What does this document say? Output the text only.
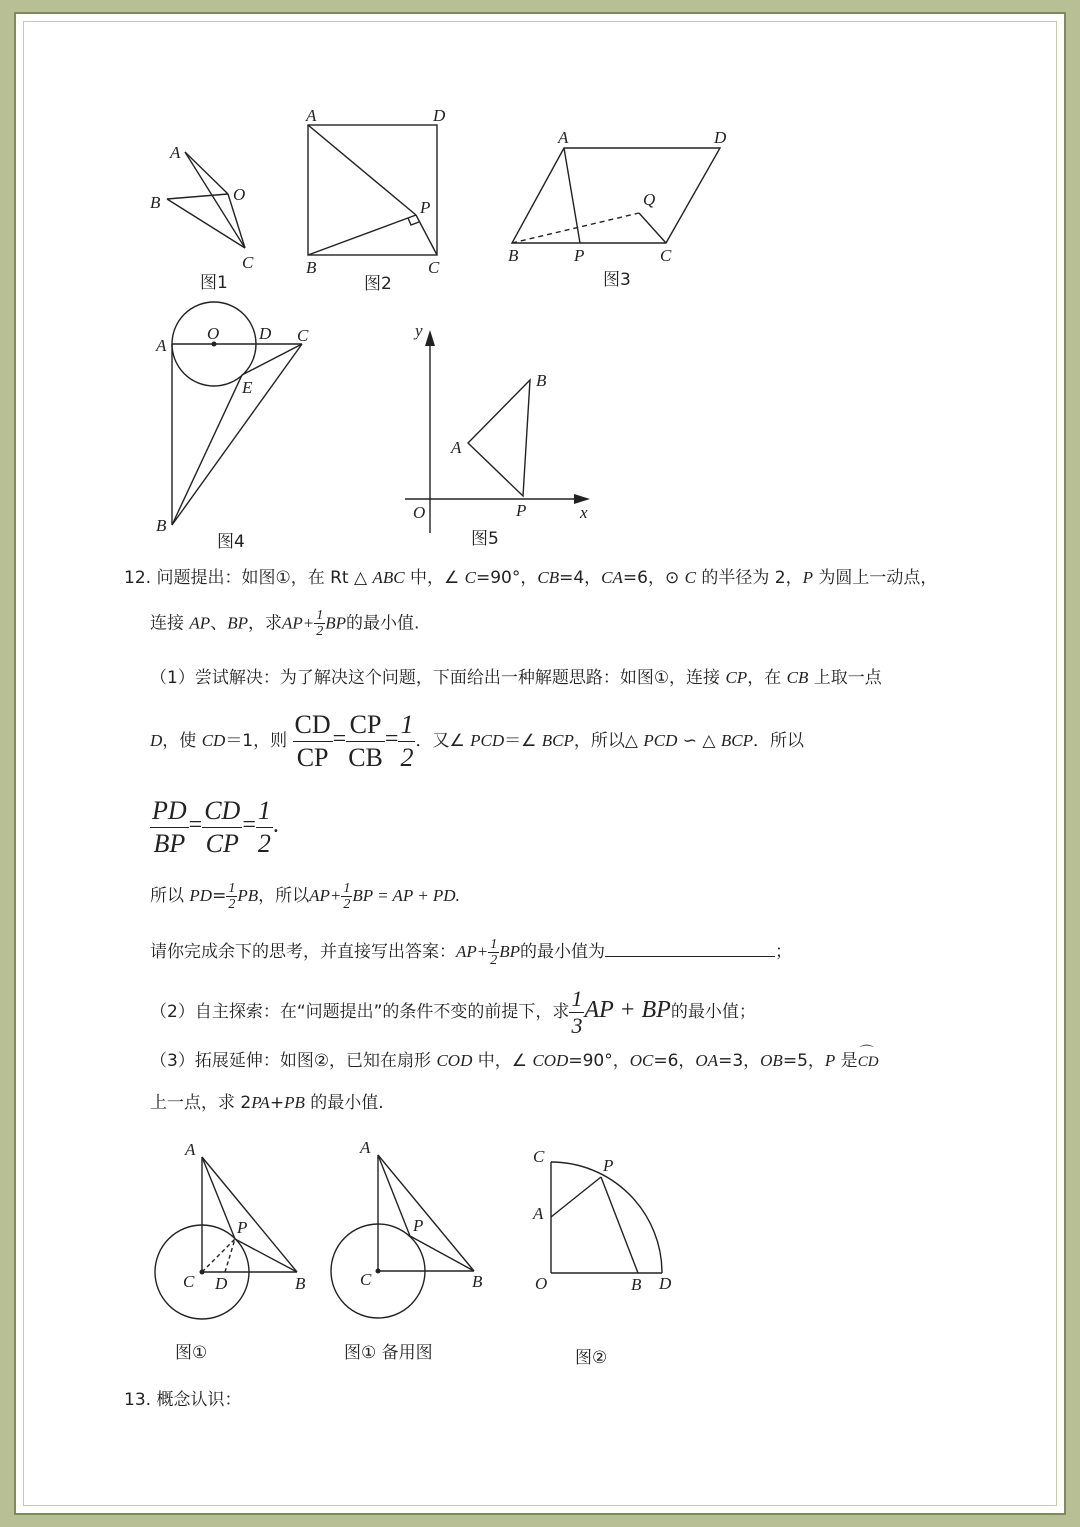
A
B	O
C
图1
A	D
P
B	C
图2
A	D
Q
B	P	C
图3
A
O D C
E
B
图4
y
B
A
O	P	x
图5
12. 问题提出：如图①，在 Rt △ ABC 中，∠ C=90°，CB=4，CA=6，⊙ C 的半径为 2，P 为圆上一动点，
连接 AP、BP，求$AP+ \frac{1}{2}$ BP的最小值.
（1）尝试解决：为了解决这个问题，下面给出一种解题思路：如图①，连接 CP，在 CB 上取一点
D，使 CD＝1，则 $\frac{CD}{CP} = \frac{CP}{CB} = \frac{1}{2}$ ．又∠ PCD＝∠ BCP，所以△ PCD ∽ △ BCP．所以
$\frac{PD}{BP} = \frac{CD}{CP} = \frac{1}{2}$ .
所以 $PD= \frac{1}{2}$ PB，所以$AP+ \frac{1}{2}$ BP = AP + PD.
请你完成余下的思考，并直接写出答案：$AP+ \frac{1}{2}$ BP的最小值为	；
（2）自主探索：在“问题提出”的条件不变的前提下，求 $\frac{1}{3}$ AP + BP的最小值；
（3）拓展延伸：如图②，已知在扇形 COD 中，∠ COD=90°，OC=6，OA=3，OB=5，P 是⌒ CD
上一点，求 2PA+PB 的最小值.
A
P
C D	B
图①
A
P
C	B
图① 备用图
C	P
A
O	B D
图②
13. 概念认识：
